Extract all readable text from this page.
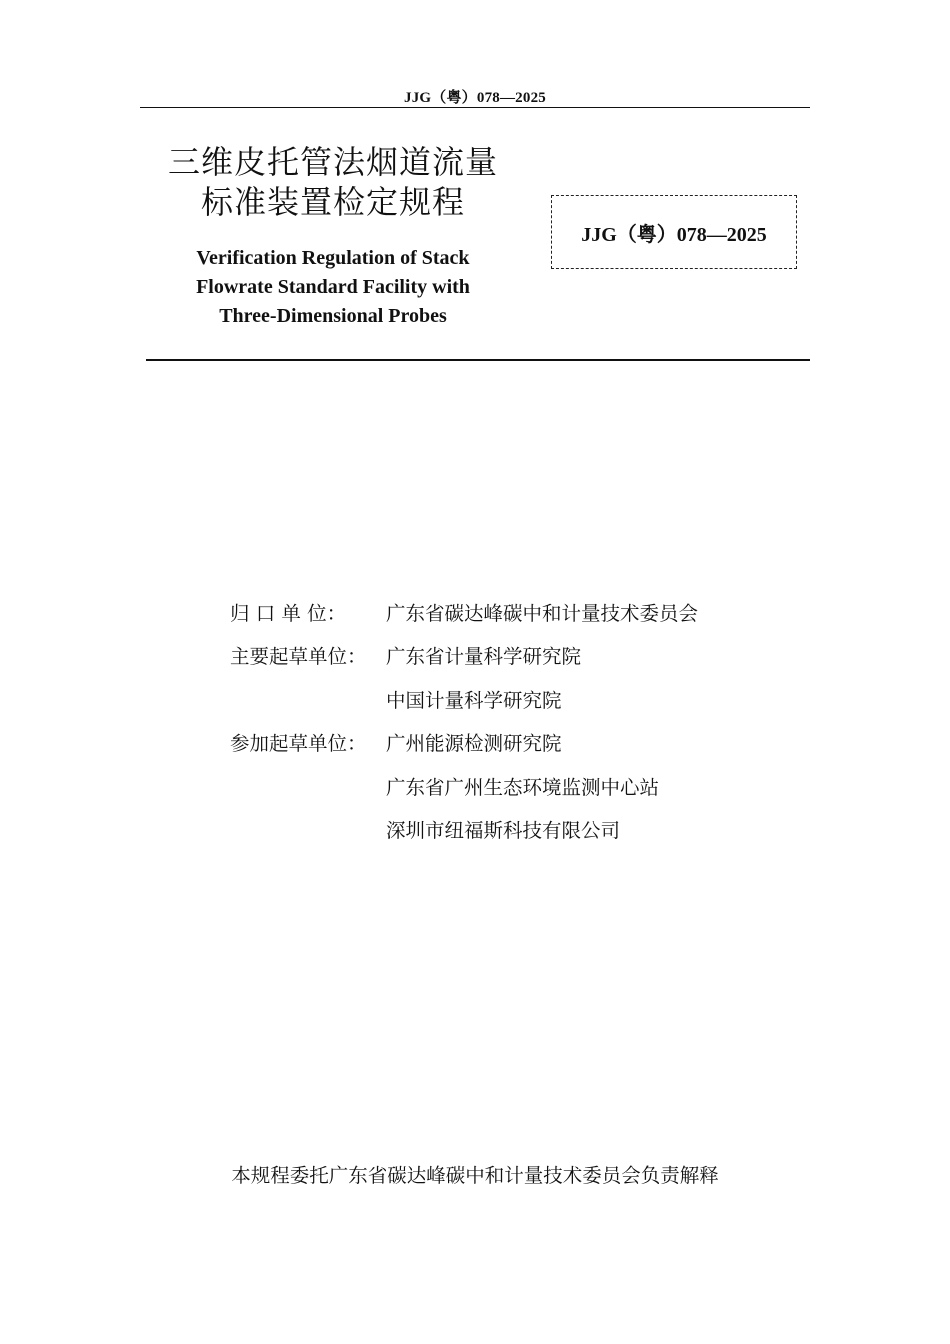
JJG（粤）078—2025
三维皮托管法烟道流量
标准装置检定规程
Verification Regulation of Stack
Flowrate Standard Facility with
Three-Dimensional Probes
JJG（粤）078—2025
归 口 单 位：	广东省碳达峰碳中和计量技术委员会
主要起草单位： 广东省计量科学研究院
中国计量科学研究院
参加起草单位： 广州能源检测研究院
广东省广州生态环境监测中心站
深圳市纽福斯科技有限公司
本规程委托广东省碳达峰碳中和计量技术委员会负责解释
